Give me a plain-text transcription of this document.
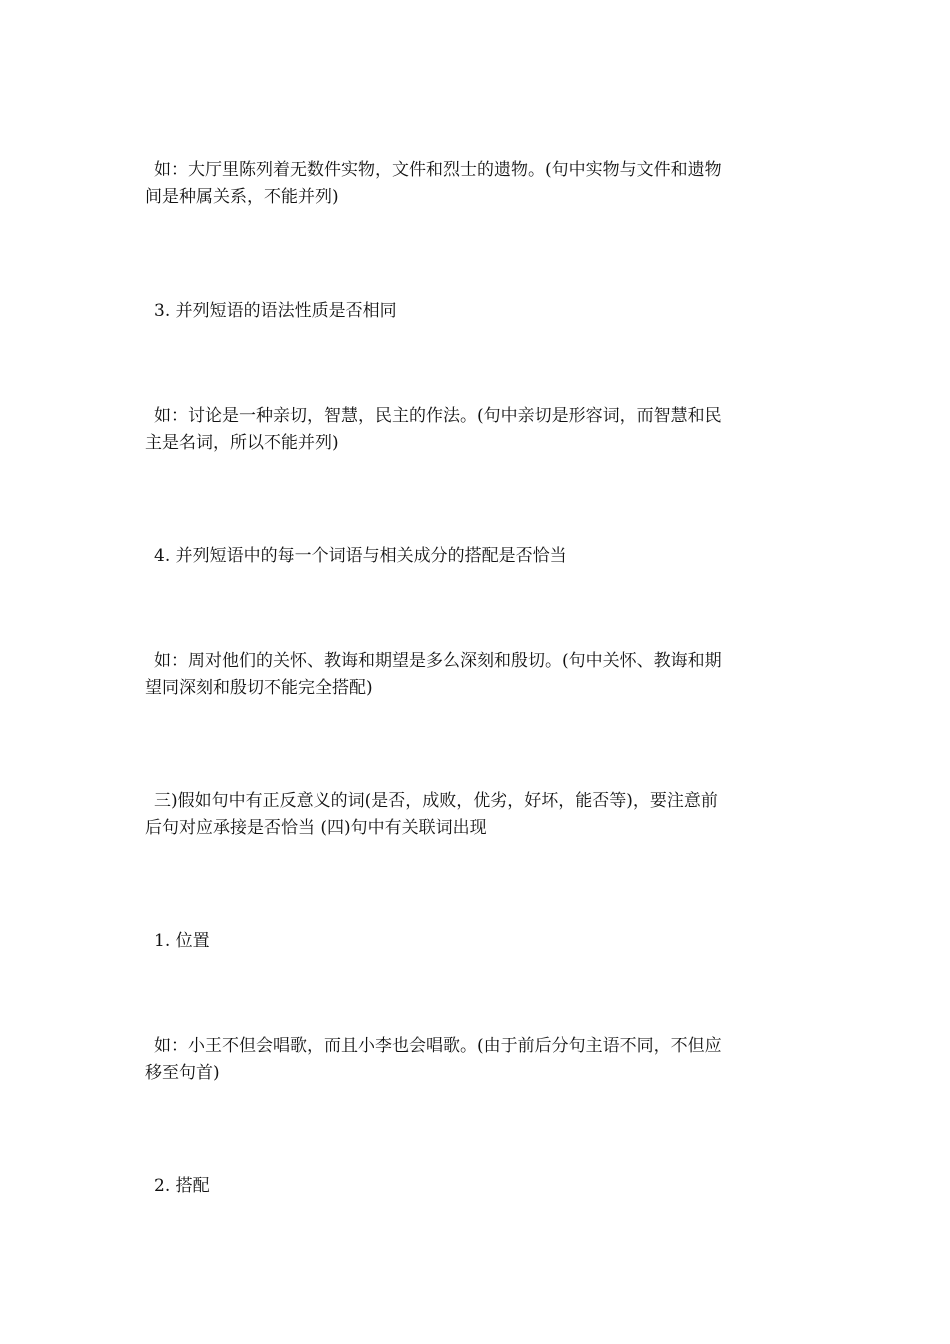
如：大厅里陈列着无数件实物，文件和烈士的遗物。(句中实物与文件和遗物
间是种属关系，不能并列)

3. 并列短语的语法性质是否相同

如：讨论是一种亲切，智慧，民主的作法。(句中亲切是形容词，而智慧和民
主是名词，所以不能并列)

4. 并列短语中的每一个词语与相关成分的搭配是否恰当

如：周对他们的关怀、教诲和期望是多么深刻和殷切。(句中关怀、教诲和期
望同深刻和殷切不能完全搭配)

三)假如句中有正反意义的词(是否，成败，优劣，好坏，能否等)，要注意前
后句对应承接是否恰当 (四)句中有关联词出现

1. 位置

如：小王不但会唱歌，而且小李也会唱歌。(由于前后分句主语不同，不但应
移至句首)

2. 搭配
